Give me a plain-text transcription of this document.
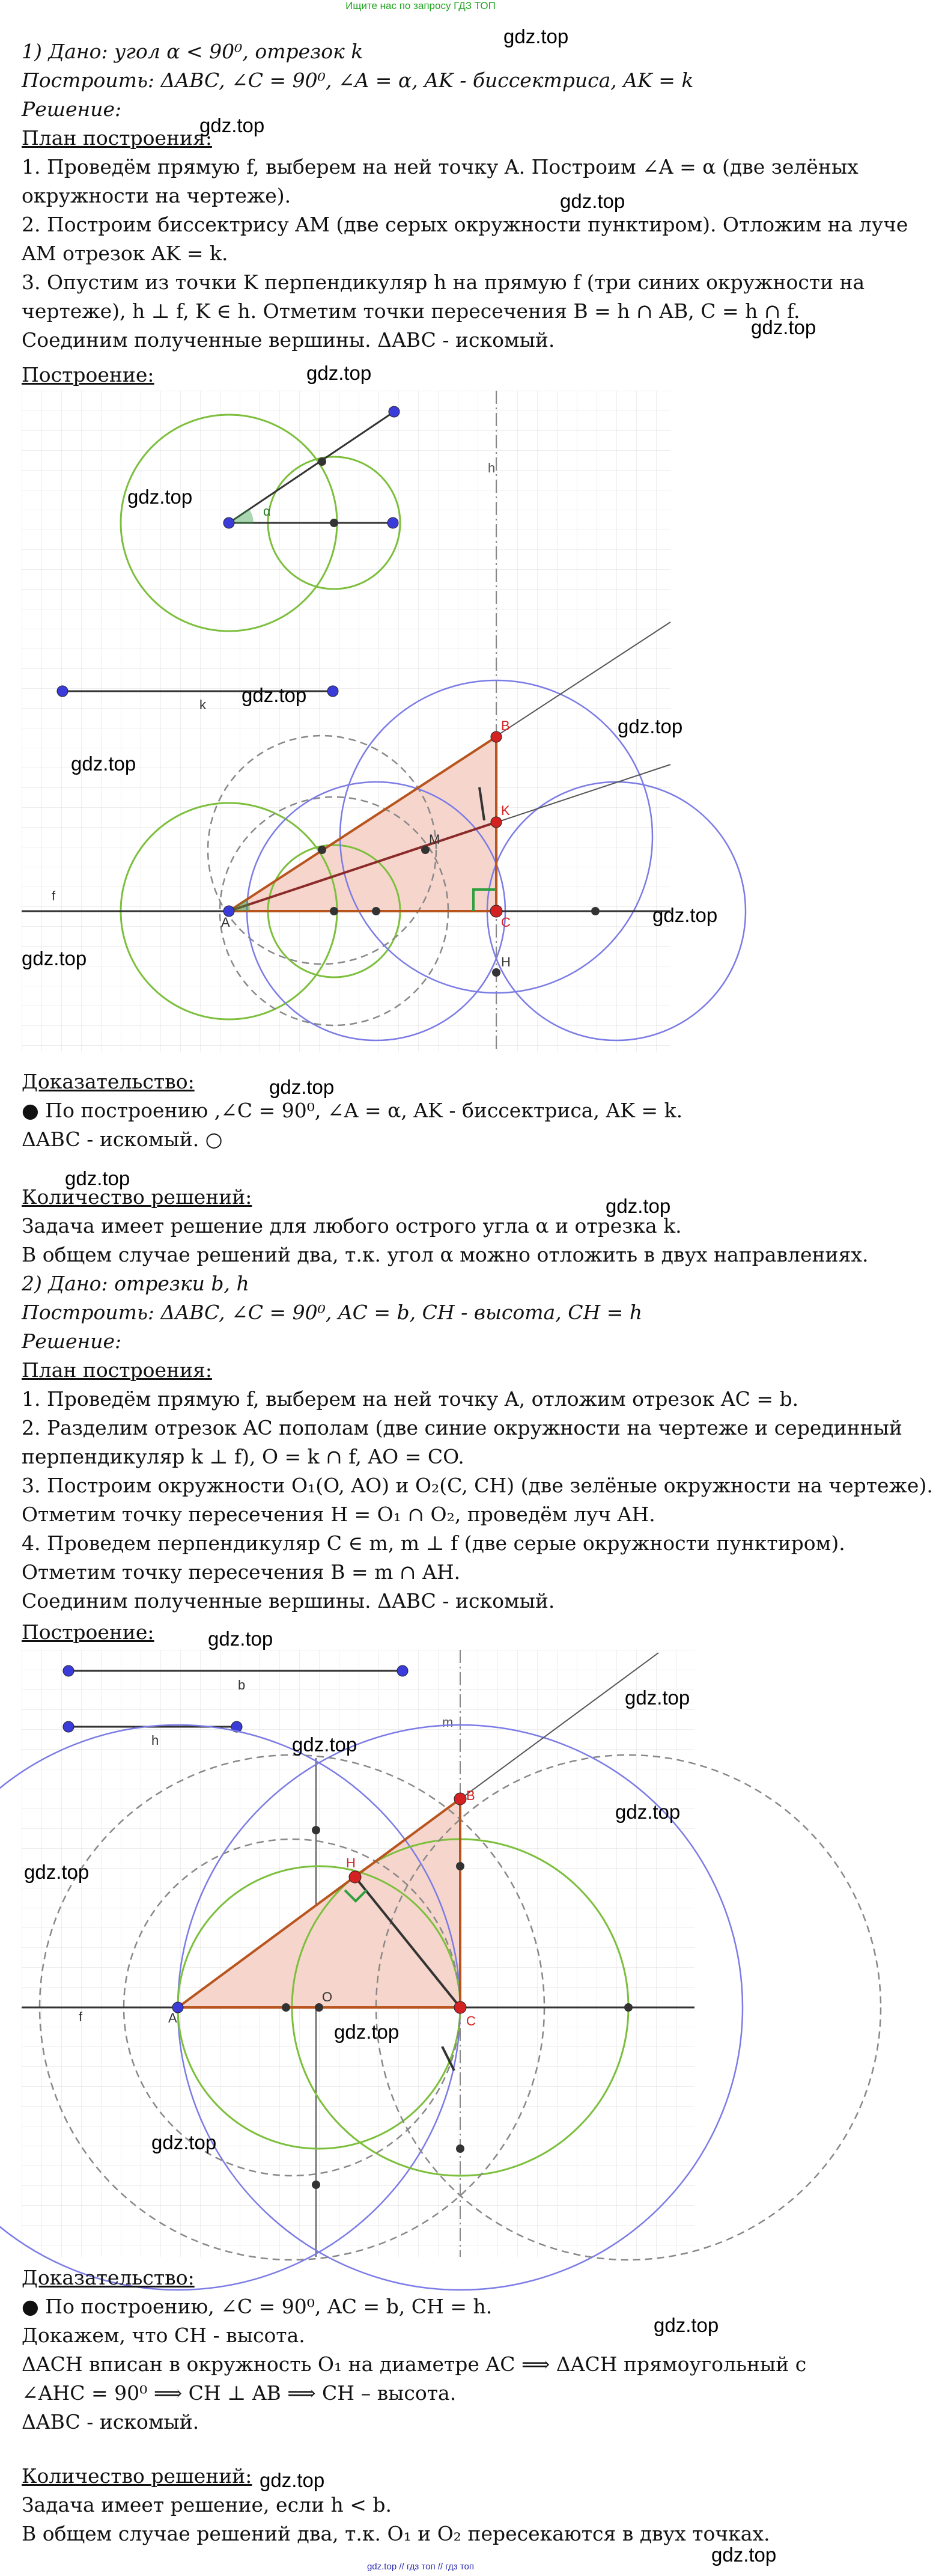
Ищите нас по запросу ГДЗ ТОП
1) Дано: угол α < 90⁰, отрезок k
Построить: ΔABC, ∠C = 90⁰, ∠A = α, AK - биссектриса, AK = k
Решение:
План построения:
1. Проведём прямую f, выберем на ней точку A. Построим ∠A = α (две зелёных
окружности на чертеже).
2. Построим биссектрису AM (две серых окружности пунктиром). Отложим на луче
AM отрезок AK = k.
3. Опустим из точки K перпендикуляр h на прямую f (три синих окружности на
чертеже), h ⊥ f, K ∈ h. Отметим точки пересечения B = h ∩ AB, C = h ∩ f.
Соединим полученные вершины. ΔABC - искомый.
Построение:
α
h
k
f
A
B
K
M
C
H
Доказательство:
● По построению ,∠C = 90⁰, ∠A = α, AK - биссектриса, AK = k.
ΔABC - искомый. ○
Количество решений:
Задача имеет решение для любого острого угла α и отрезка k.
В общем случае решений два, т.к. угол α можно отложить в двух направлениях.
2) Дано: отрезки b, h
Построить: ΔABC, ∠C = 90⁰, AC = b, CH - высота, CH = h
Решение:
План построения:
1. Проведём прямую f, выберем на ней точку A, отложим отрезок AC = b.
2. Разделим отрезок AC пополам (две синие окружности на чертеже и серединный
перпендикуляр k ⊥ f), O = k ∩ f, AO = CO.
3. Построим окружности O₁(O, AO) и O₂(C, CH) (две зелёные окружности на чертеже).
Отметим точку пересечения H = O₁ ∩ O₂, проведём луч AH.
4. Проведем перпендикуляр C ∈ m, m ⊥ f (две серые окружности пунктиром).
Отметим точку пересечения B = m ∩ AH.
Соединим полученные вершины. ΔABC - искомый.
Построение:
b
h
m
f	A
B
H
O
C
Доказательство:
● По построению, ∠C = 90⁰, AC = b, CH = h.
Докажем, что CH - высота.
ΔACH вписан в окружность O₁ на диаметре AC ⟹ ΔACH прямоугольный с
∠AHC = 90⁰ ⟹ CH ⊥ AB ⟹ CH – высота.
ΔABC - искомый.
Количество решений:
Задача имеет решение, если h < b.
В общем случае решений два, т.к. O₁ и O₂ пересекаются в двух точках.
gdz.top
gdz.top
gdz.top
gdz.top
gdz.top
gdz.top
gdz.top
gdz.top
gdz.top
gdz.top
gdz.top
gdz.top
gdz.top
gdz.top
gdz.top
gdz.top
gdz.top
gdz.top
gdz.top
gdz.top
gdz.top
gdz.top
gdz.top
gdz.top
gdz.top // гдз топ // гдз топ
